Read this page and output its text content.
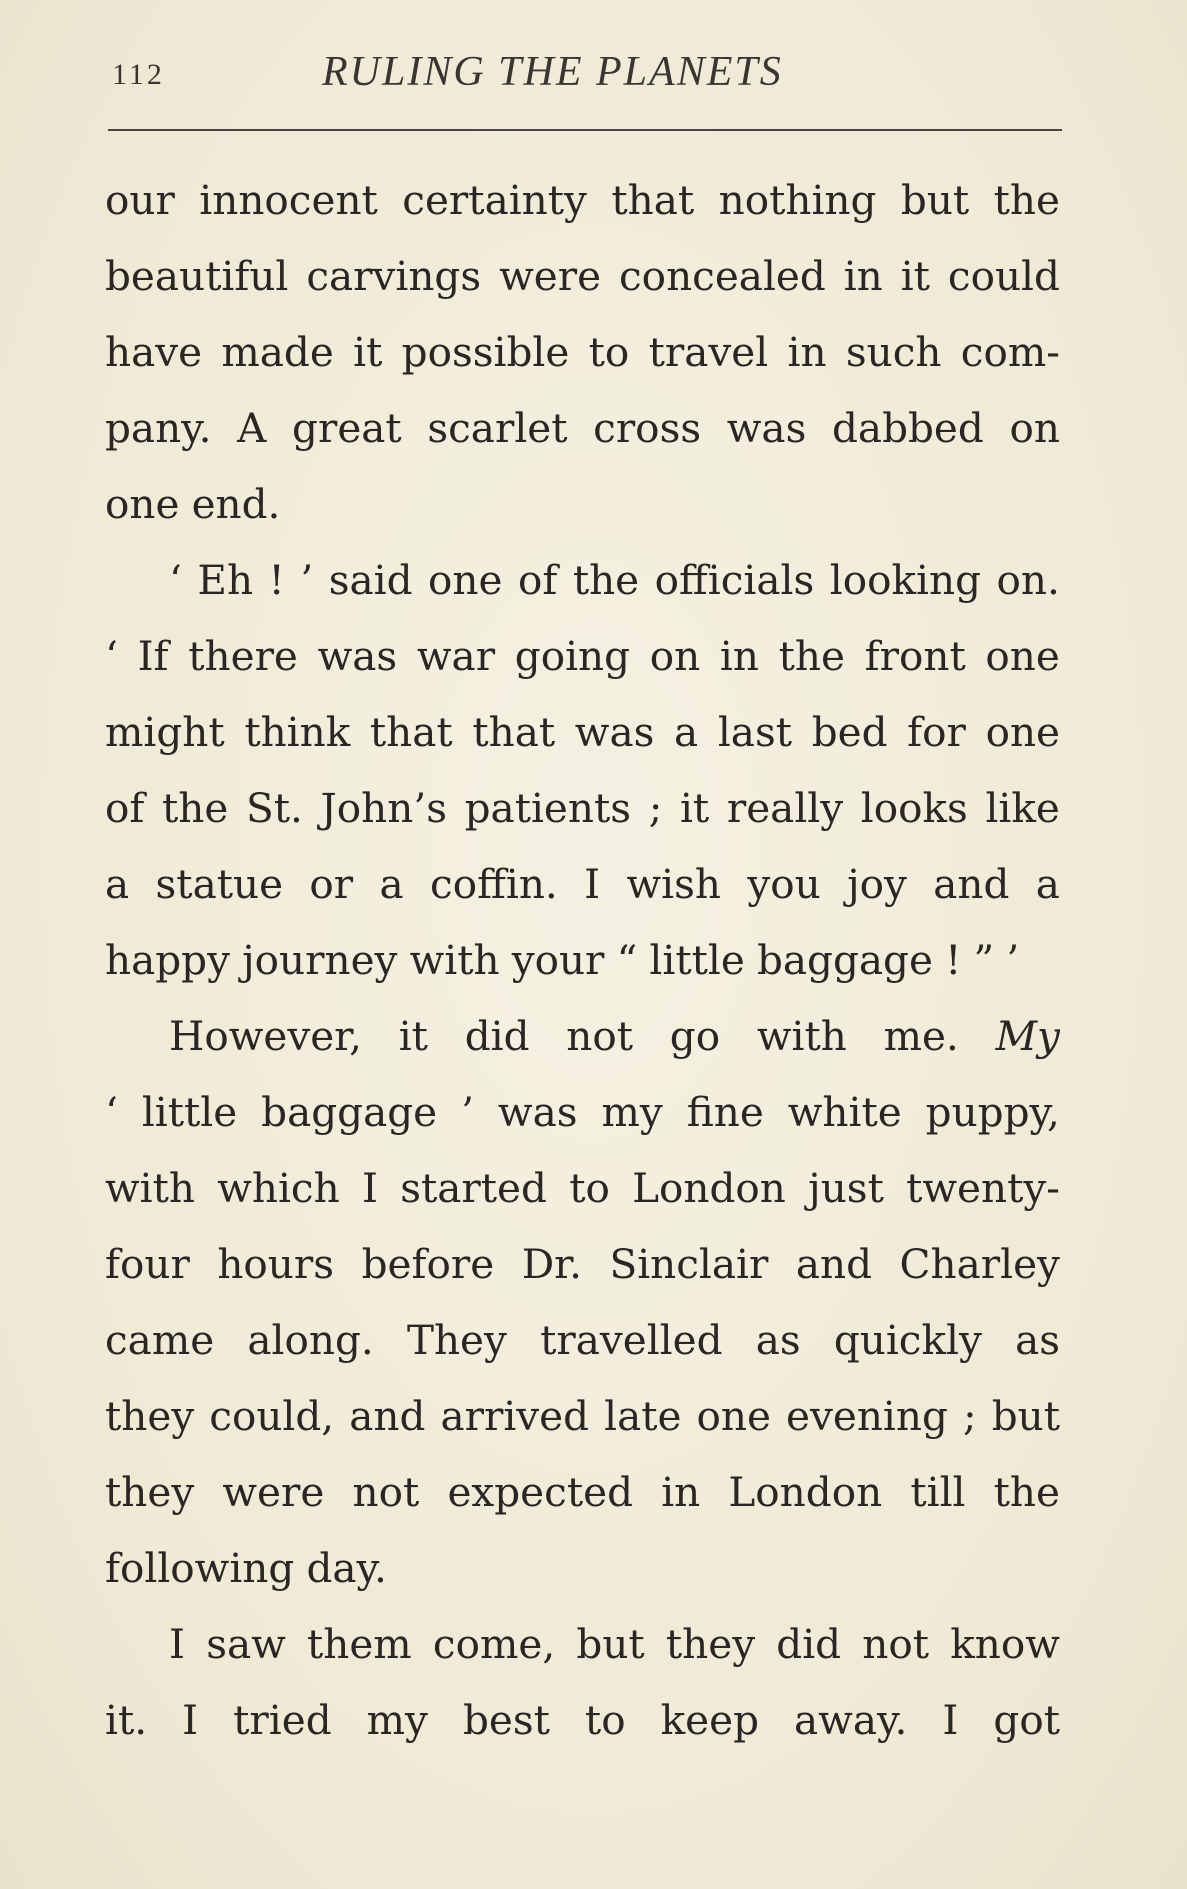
112	RULING THE PLANETS
our innocent certainty that nothing but the
beautiful carvings were concealed in it could
have made it possible to travel in such com-
pany. A great scarlet cross was dabbed on
one end.
‘ Eh ! ’ said one of the officials looking on.
‘ If there was war going on in the front one
might think that that was a last bed for one
of the St. John’s patients ; it really looks like
a statue or a coffin. I wish you joy and a
happy journey with your “ little baggage ! ” ’
However, it did not go with me. My
‘ little baggage ’ was my fine white puppy,
with which I started to London just twenty-
four hours before Dr. Sinclair and Charley
came along. They travelled as quickly as
they could, and arrived late one evening ; but
they were not expected in London till the
following day.
I saw them come, but they did not know
it. I tried my best to keep away. I got
